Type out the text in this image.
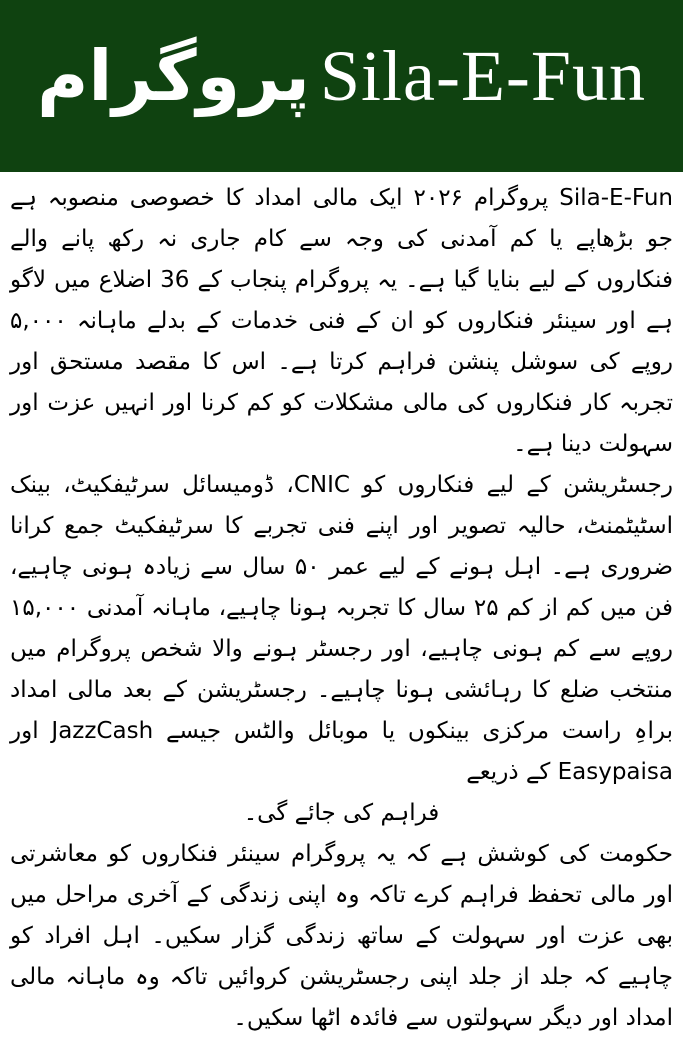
Sila-E-Fun
پروگرام

Sila-E-Fun پروگرام ۲۰۲۶ ایک مالی امداد کا خصوصی منصوبہ ہے جو بڑھاپے یا کم آمدنی کی وجہ سے کام جاری نہ رکھ پانے والے فنکاروں کے لیے بنایا گیا ہے۔ یہ پروگرام پنجاب کے 36 اضلاع میں لاگو ہے اور سینئر فنکاروں کو ان کے فنی خدمات کے بدلے ماہانہ ۵,۰۰۰ روپے کی سوشل پنشن فراہم کرتا ہے۔ اس کا مقصد مستحق اور تجربہ کار فنکاروں کی مالی مشکلات کو کم کرنا اور انہیں عزت اور سہولت دینا ہے۔

رجسٹریشن کے لیے فنکاروں کو CNIC، ڈومیسائل سرٹیفکیٹ، بینک اسٹیٹمنٹ، حالیہ تصویر اور اپنے فنی تجربے کا سرٹیفکیٹ جمع کرانا ضروری ہے۔ اہل ہونے کے لیے عمر ۵۰ سال سے زیادہ ہونی چاہیے، فن میں کم از کم ۲۵ سال کا تجربہ ہونا چاہیے، ماہانہ آمدنی ۱۵,۰۰۰ روپے سے کم ہونی چاہیے، اور رجسٹر ہونے والا شخص پروگرام میں منتخب ضلع کا رہائشی ہونا چاہیے۔ رجسٹریشن کے بعد مالی امداد براہِ راست مرکزی بینکوں یا موبائل والٹس جیسے JazzCash اور Easypaisa کے ذریعے

فراہم کی جائے گی۔

حکومت کی کوشش ہے کہ یہ پروگرام سینئر فنکاروں کو معاشرتی اور مالی تحفظ فراہم کرے تاکہ وہ اپنی زندگی کے آخری مراحل میں بھی عزت اور سہولت کے ساتھ زندگی گزار سکیں۔ اہل افراد کو چاہیے کہ جلد از جلد اپنی رجسٹریشن کروائیں تاکہ وہ ماہانہ مالی امداد اور دیگر سہولتوں سے فائدہ اٹھا سکیں۔
